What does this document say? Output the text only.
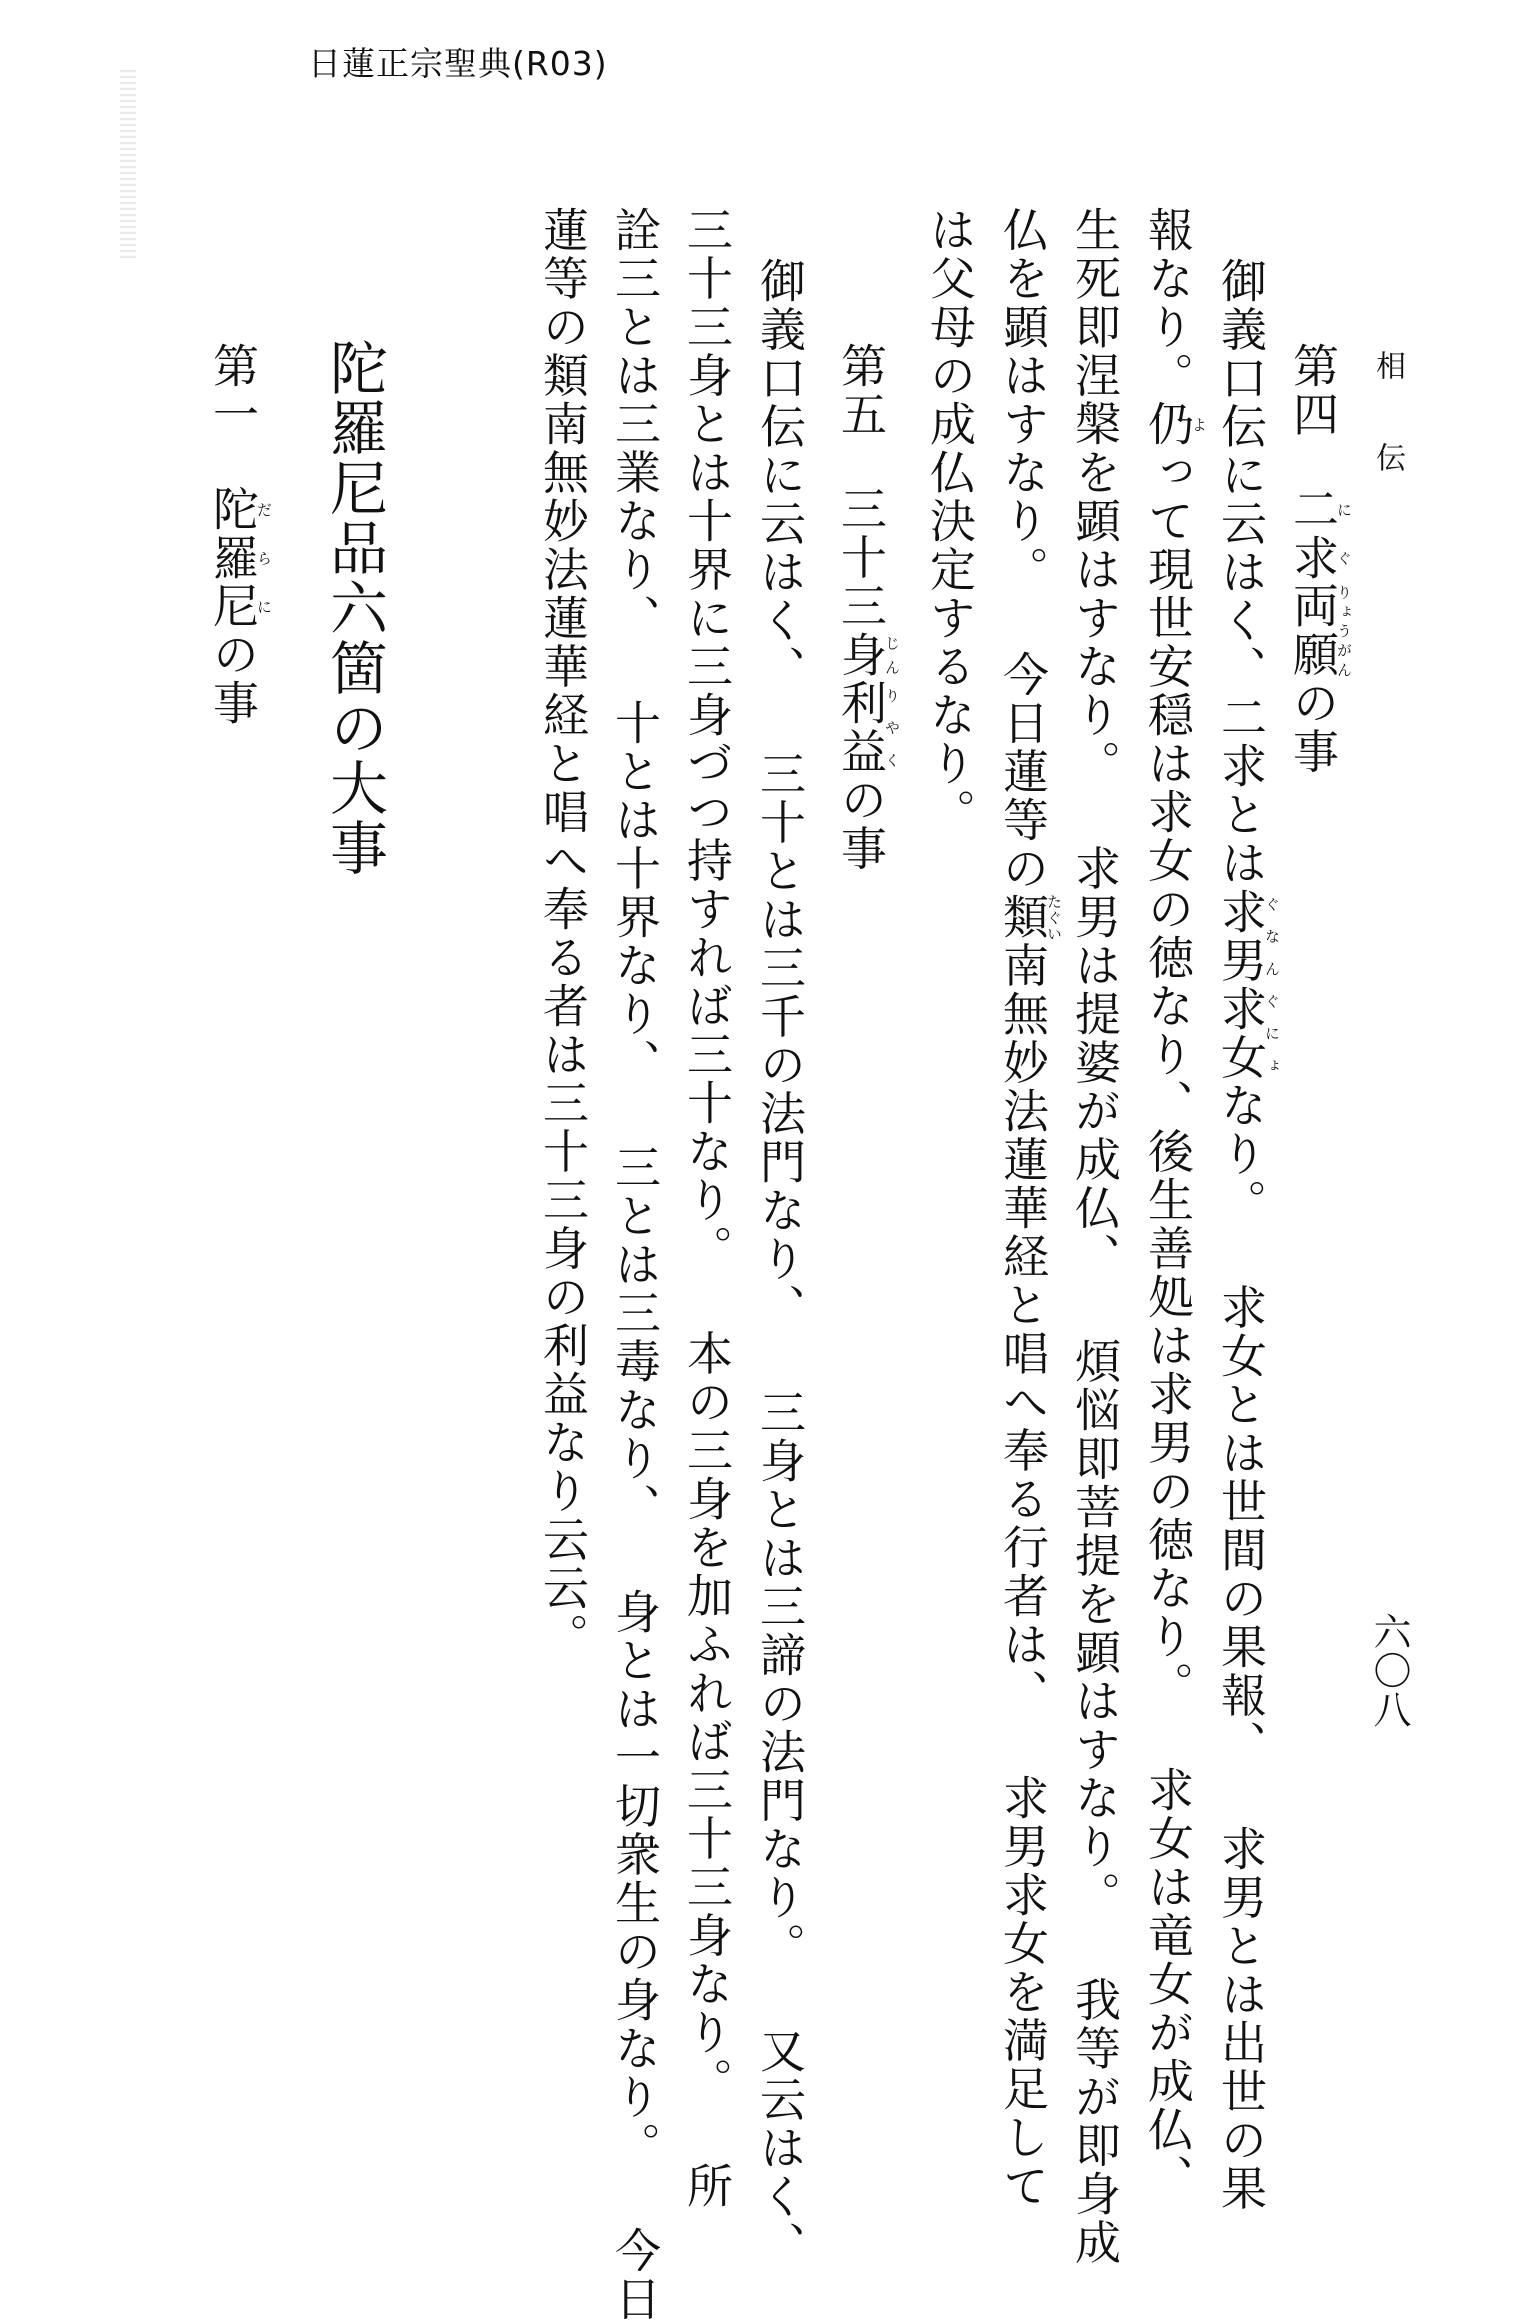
日蓮正宗聖典(R03)
相伝
六〇八
第四二に求ぐ両願りょうがんの事
御義口伝に云はく、二求とは求男求女ぐなんぐにょなり。 求女とは世間の果報、 求男とは出世の果
報なり。仍よって現世安穏は求女の徳なり、後生善処は求男の徳なり。 求女は竜女が成仏、
生死即涅槃を顕はすなり。 求男は提婆が成仏、 煩悩即菩提を顕はすなり。 我等が即身成
仏を顕はすなり。 今日蓮等の類たぐい南無妙法蓮華経と唱へ奉る行者は、 求男求女を満足して
は父母の成仏決定するなり。
第五三十三身じん利益りやくの事
御義口伝に云はく、 三十とは三千の法門なり、 三身とは三諦の法門なり。 又云はく、
三十三身とは十界に三身づつ持すれば三十なり。 本の三身を加ふれば三十三身なり。 所
詮三とは三業なり、 十とは十界なり、 三とは三毒なり、 身とは一切衆生の身なり。 今日
蓮等の類南無妙法蓮華経と唱へ奉る者は三十三身の利益なり云云。
陀羅尼品六箇の大事
第一陀だ羅ら尼にの事
